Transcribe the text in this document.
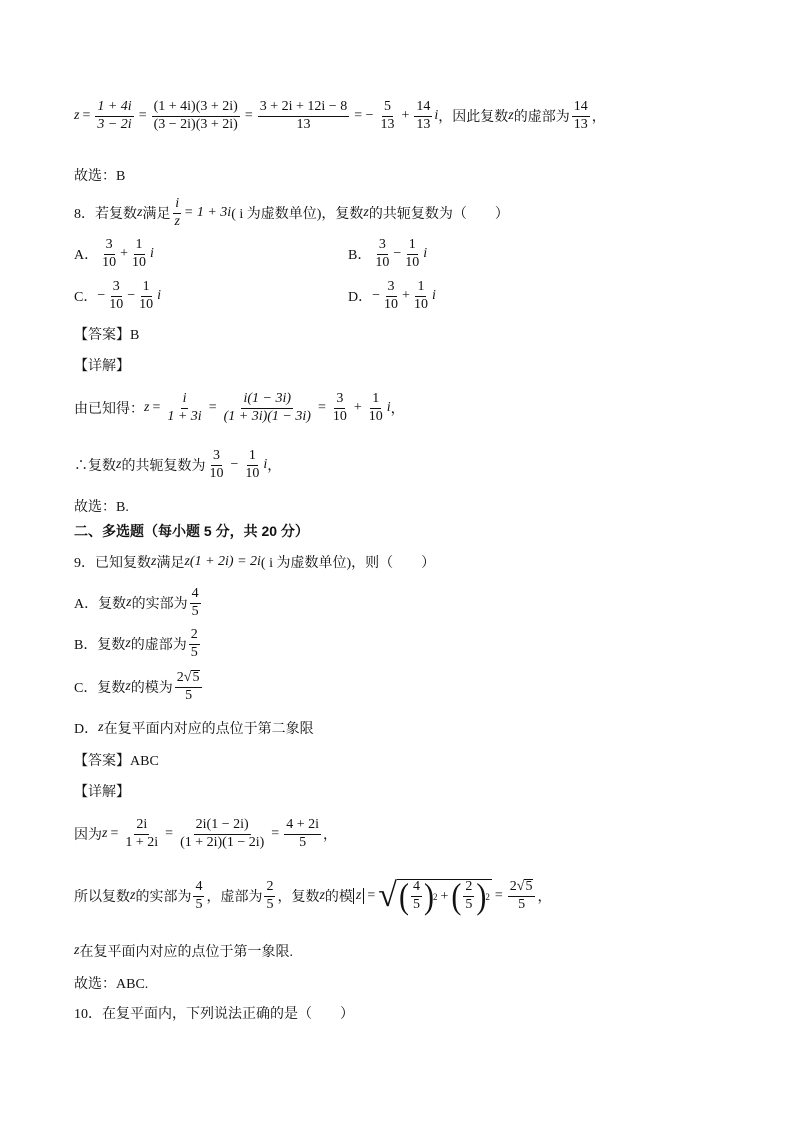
$z = \frac{1 + 4i}{3 - 2i} = \frac{(1 + 4i)(3 + 2i)}{(3 - 2i)(3 + 2i)} = \frac{3 + 2i + 12i - 8}{13}$ = − $\frac{5}{13} + \frac{14}{13}$ i ，因此复数 z 的虚部为 $\frac{14}{13}$ ，
故选：B
8．若复数 z 满足 $\frac{i}{z} = 1 + 3i$ ( i 为虚数单位)，复数 z 的共轭复数为（　　）
A． $\frac{3}{10} + \frac{1}{10}$ i	B． $\frac{3}{10} - \frac{1}{10}$ i
C． − $\frac{3}{10} - \frac{1}{10}$ i	D． − $\frac{3}{10} + \frac{1}{10}$ i
【答案】B
【详解】
由已知得： $z = \frac{i}{1 + 3i} = \frac{i(1 - 3i)}{(1 + 3i)(1 - 3i)} = \frac{3}{10} + \frac{1}{10}$ i ，
∴复数 z 的共轭复数为 $\frac{3}{10} - \frac{1}{10}$ i ，
故选：B.
二、多选题（每小题 5 分，共 20 分）
9．已知复数 z 满足 z(1 + 2i) = 2i ( i 为虚数单位)，则（　　）
A．复数 z 的实部为 $\frac{4}{5}$
B．复数 z 的虚部为 $\frac{2}{5}$
C．复数 z 的模为 $\frac{2√5}{5}$
D． z 在复平面内对应的点位于第二象限
【答案】ABC
【详解】
因为 $z = \frac{2i}{1 + 2i} = \frac{2i(1 - 2i)}{(1 + 2i)(1 - 2i)} = \frac{4 + 2i}{5}$ ，
所以复数 z 的实部为 $\frac{4}{5}$ ，虚部为 $\frac{2}{5}$ ，复数 z 的模 z = √ ( $\frac{4}{5}$ ) 2 + ( $\frac{2}{5}$ ) $2 = \frac{2√5}{5}$ ，
z 在复平面内对应的点位于第一象限.
故选：ABC.
10．在复平面内，下列说法正确的是（　　）
